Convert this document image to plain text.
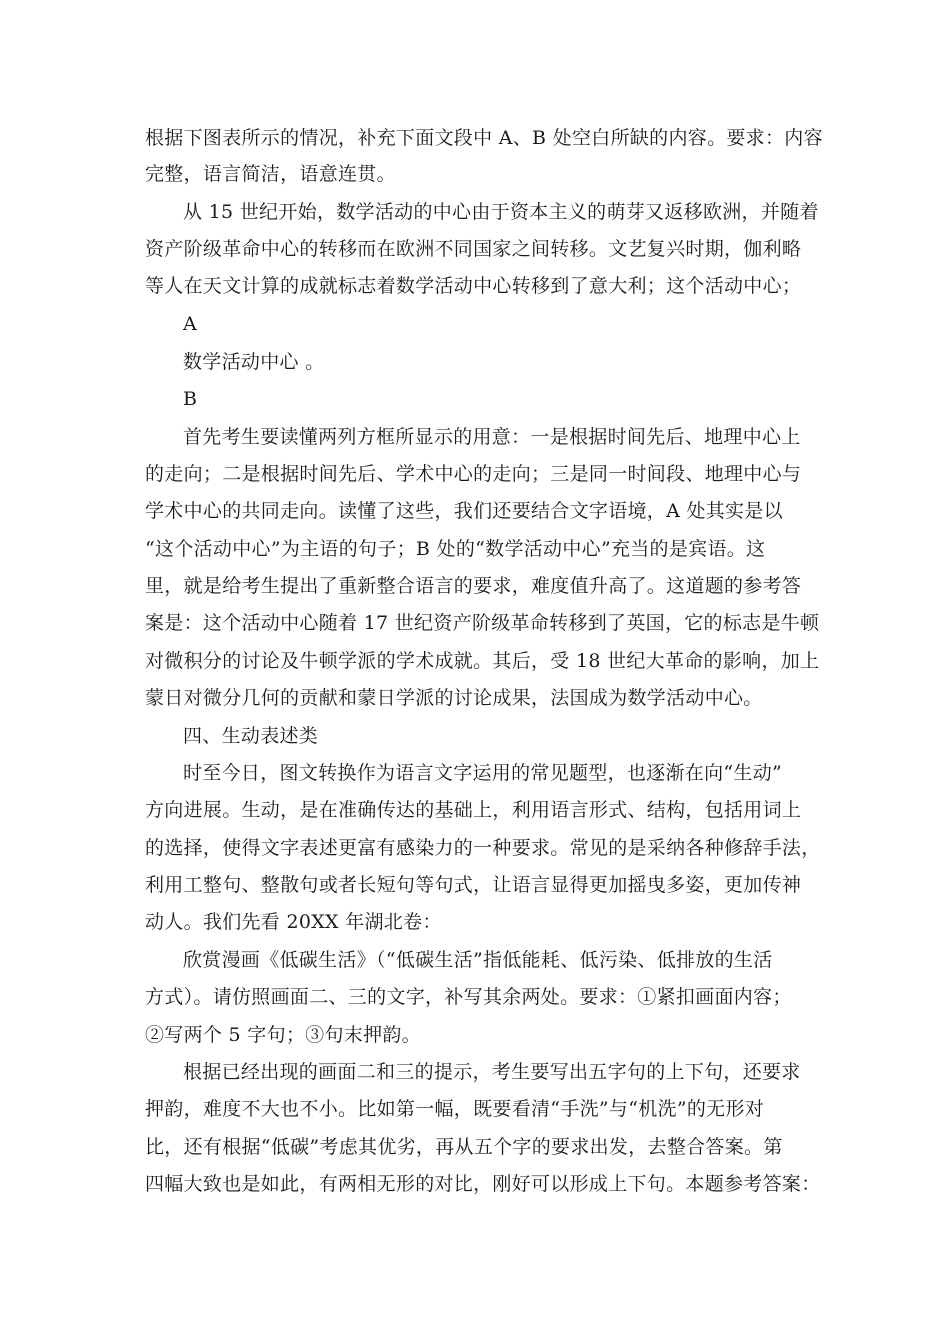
根据下图表所示的情况，补充下面文段中 A、B 处空白所缺的内容。要求：内容
完整，语言简洁，语意连贯。
从 15 世纪开始，数学活动的中心由于资本主义的萌芽又返移欧洲，并随着
资产阶级革命中心的转移而在欧洲不同国家之间转移。文艺复兴时期，伽利略
等人在天文计算的成就标志着数学活动中心转移到了意大利；这个活动中心；
A
数学活动中心 。
B
首先考生要读懂两列方框所显示的用意：一是根据时间先后、地理中心上
的走向；二是根据时间先后、学术中心的走向；三是同一时间段、地理中心与
学术中心的共同走向。读懂了这些，我们还要结合文字语境，A 处其实是以
“这个活动中心”为主语的句子；B 处的“数学活动中心”充当的是宾语。这
里，就是给考生提出了重新整合语言的要求，难度值升高了。这道题的参考答
案是：这个活动中心随着 17 世纪资产阶级革命转移到了英国，它的标志是牛顿
对微积分的讨论及牛顿学派的学术成就。其后，受 18 世纪大革命的影响，加上
蒙日对微分几何的贡献和蒙日学派的讨论成果，法国成为数学活动中心。
四、生动表述类
时至今日，图文转换作为语言文字运用的常见题型，也逐渐在向“生动”
方向进展。生动，是在准确传达的基础上，利用语言形式、结构，包括用词上
的选择，使得文字表述更富有感染力的一种要求。常见的是采纳各种修辞手法，
利用工整句、整散句或者长短句等句式，让语言显得更加摇曳多姿，更加传神
动人。我们先看 20XX 年湖北卷：
欣赏漫画《低碳生活》（“低碳生活”指低能耗、低污染、低排放的生活
方式）。请仿照画面二、三的文字，补写其余两处。要求：①紧扣画面内容；
②写两个 5 字句；③句末押韵。
根据已经出现的画面二和三的提示，考生要写出五字句的上下句，还要求
押韵，难度不大也不小。比如第一幅，既要看清“手洗”与“机洗”的无形对
比，还有根据“低碳”考虑其优劣，再从五个字的要求出发，去整合答案。第
四幅大致也是如此，有两相无形的对比，刚好可以形成上下句。本题参考答案：
